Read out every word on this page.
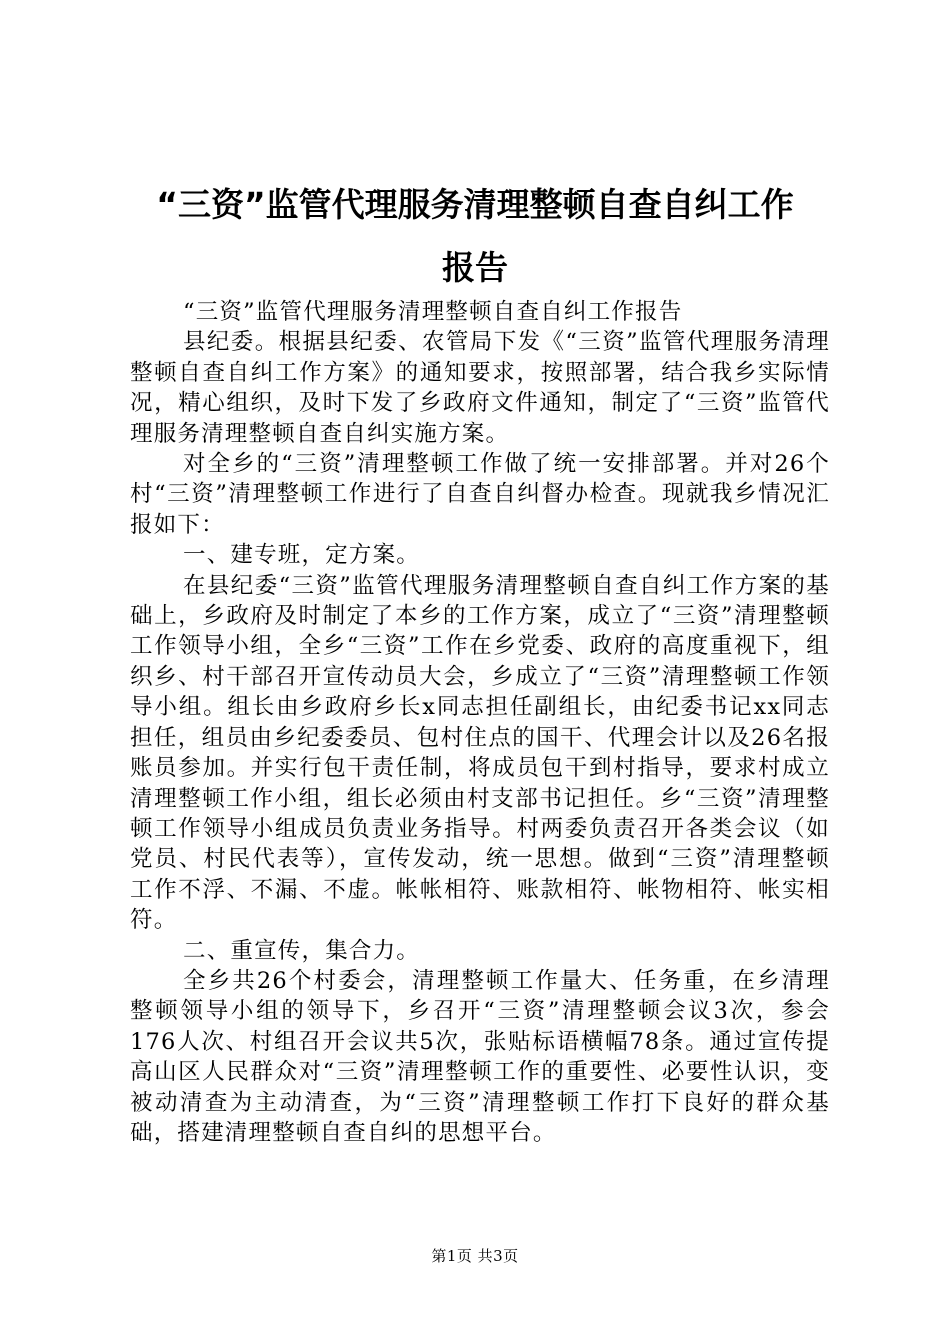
“三资”监管代理服务清理整顿自查自纠工作
报告

“三资”监管代理服务清理整顿自查自纠工作报告

县纪委。根据县纪委、农管局下发《“三资”监管代理服务清理整顿自查自纠工作方案》的通知要求，按照部署，结合我乡实际情况，精心组织，及时下发了乡政府文件通知，制定了“三资”监管代理服务清理整顿自查自纠实施方案。

对全乡的“三资”清理整顿工作做了统一安排部署。并对26个村“三资”清理整顿工作进行了自查自纠督办检查。现就我乡情况汇报如下：

一、建专班，定方案。

在县纪委“三资”监管代理服务清理整顿自查自纠工作方案的基础上，乡政府及时制定了本乡的工作方案，成立了“三资”清理整顿工作领导小组，全乡“三资”工作在乡党委、政府的高度重视下，组织乡、村干部召开宣传动员大会，乡成立了“三资”清理整顿工作领导小组。组长由乡政府乡长x同志担任副组长，由纪委书记xx同志担任，组员由乡纪委委员、包村住点的国干、代理会计以及26名报账员参加。并实行包干责任制，将成员包干到村指导，要求村成立清理整顿工作小组，组长必须由村支部书记担任。乡“三资”清理整顿工作领导小组成员负责业务指导。村两委负责召开各类会议（如党员、村民代表等），宣传发动，统一思想。做到“三资”清理整顿工作不浮、不漏、不虚。帐帐相符、账款相符、帐物相符、帐实相符。

二、重宣传，集合力。

全乡共26个村委会，清理整顿工作量大、任务重，在乡清理整顿领导小组的领导下，乡召开“三资”清理整顿会议3次，参会176人次、村组召开会议共5次，张贴标语横幅78条。通过宣传提高山区人民群众对“三资”清理整顿工作的重要性、必要性认识，变被动清查为主动清查，为“三资”清理整顿工作打下良好的群众基础，搭建清理整顿自查自纠的思想平台。

第1页 共3页
